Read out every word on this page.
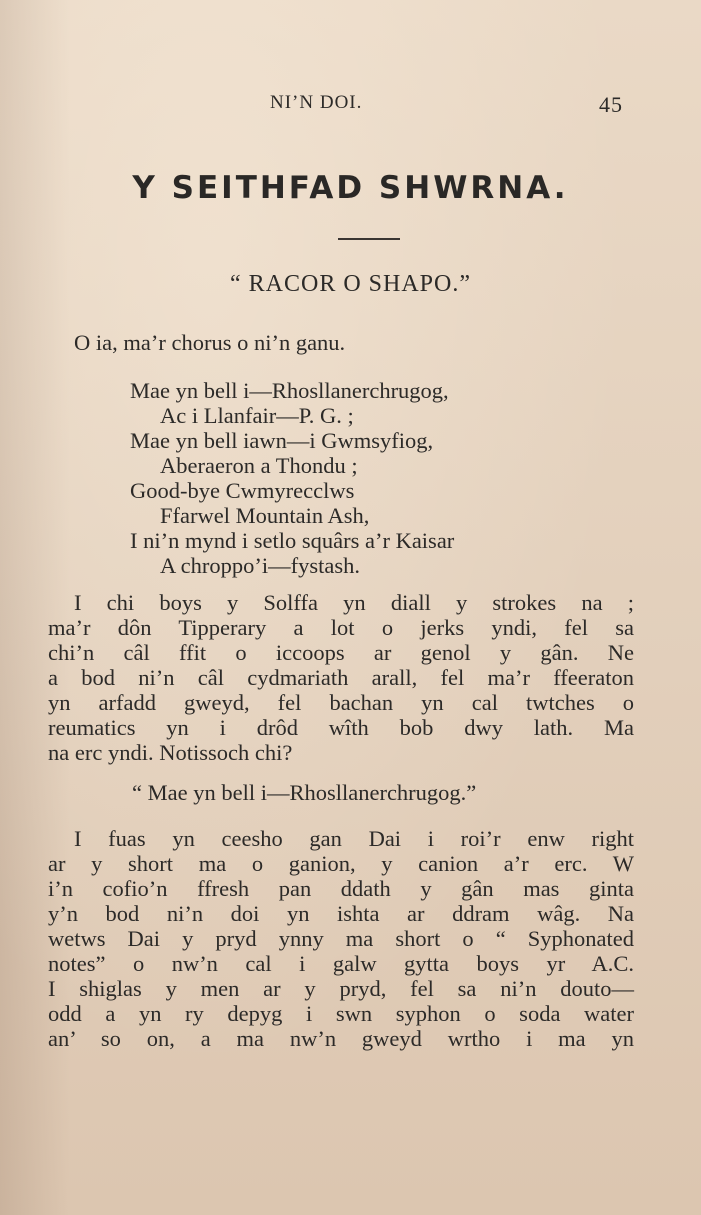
NI’N DOI.	45
Y SEITHFAD SHWRNA.
“ RACOR O SHAPO.”
O ia, ma’r chorus o ni’n ganu.
Mae yn bell i—Rhosllanerchrugog,
Ac i Llanfair—P. G. ;
Mae yn bell iawn—i Gwmsyfiog,
Aberaeron a Thondu ;
Good-bye Cwmyrecclws
Ffarwel Mountain Ash,
I ni’n mynd i setlo squârs a’r Kaisar
A chroppo’i—fystash.
I chi boys y Solffa yn diall y strokes na ;
ma’r dôn Tipperary a lot o jerks yndi, fel sa
chi’n câl ffit o iccoops ar genol y gân. Ne
a bod ni’n câl cydmariath arall, fel ma’r ffeeraton
yn arfadd gweyd, fel bachan yn cal twtches o
reumatics yn i drôd wîth bob dwy lath. Ma
na erc yndi. Notissoch chi?
“ Mae yn bell i—Rhosllanerchrugog.”
I fuas yn ceesho gan Dai i roi’r enw right
ar y short ma o ganion, y canion a’r erc. W
i’n cofio’n ffresh pan ddath y gân mas ginta
y’n bod ni’n doi yn ishta ar ddram wâg. Na
wetws Dai y pryd ynny ma short o “ Syphonated
notes” o nw’n cal i galw gytta boys yr A.C.
I shiglas y men ar y pryd, fel sa ni’n douto—
odd a yn ry depyg i swn syphon o soda water
an’ so on, a ma nw’n gweyd wrtho i ma yn
